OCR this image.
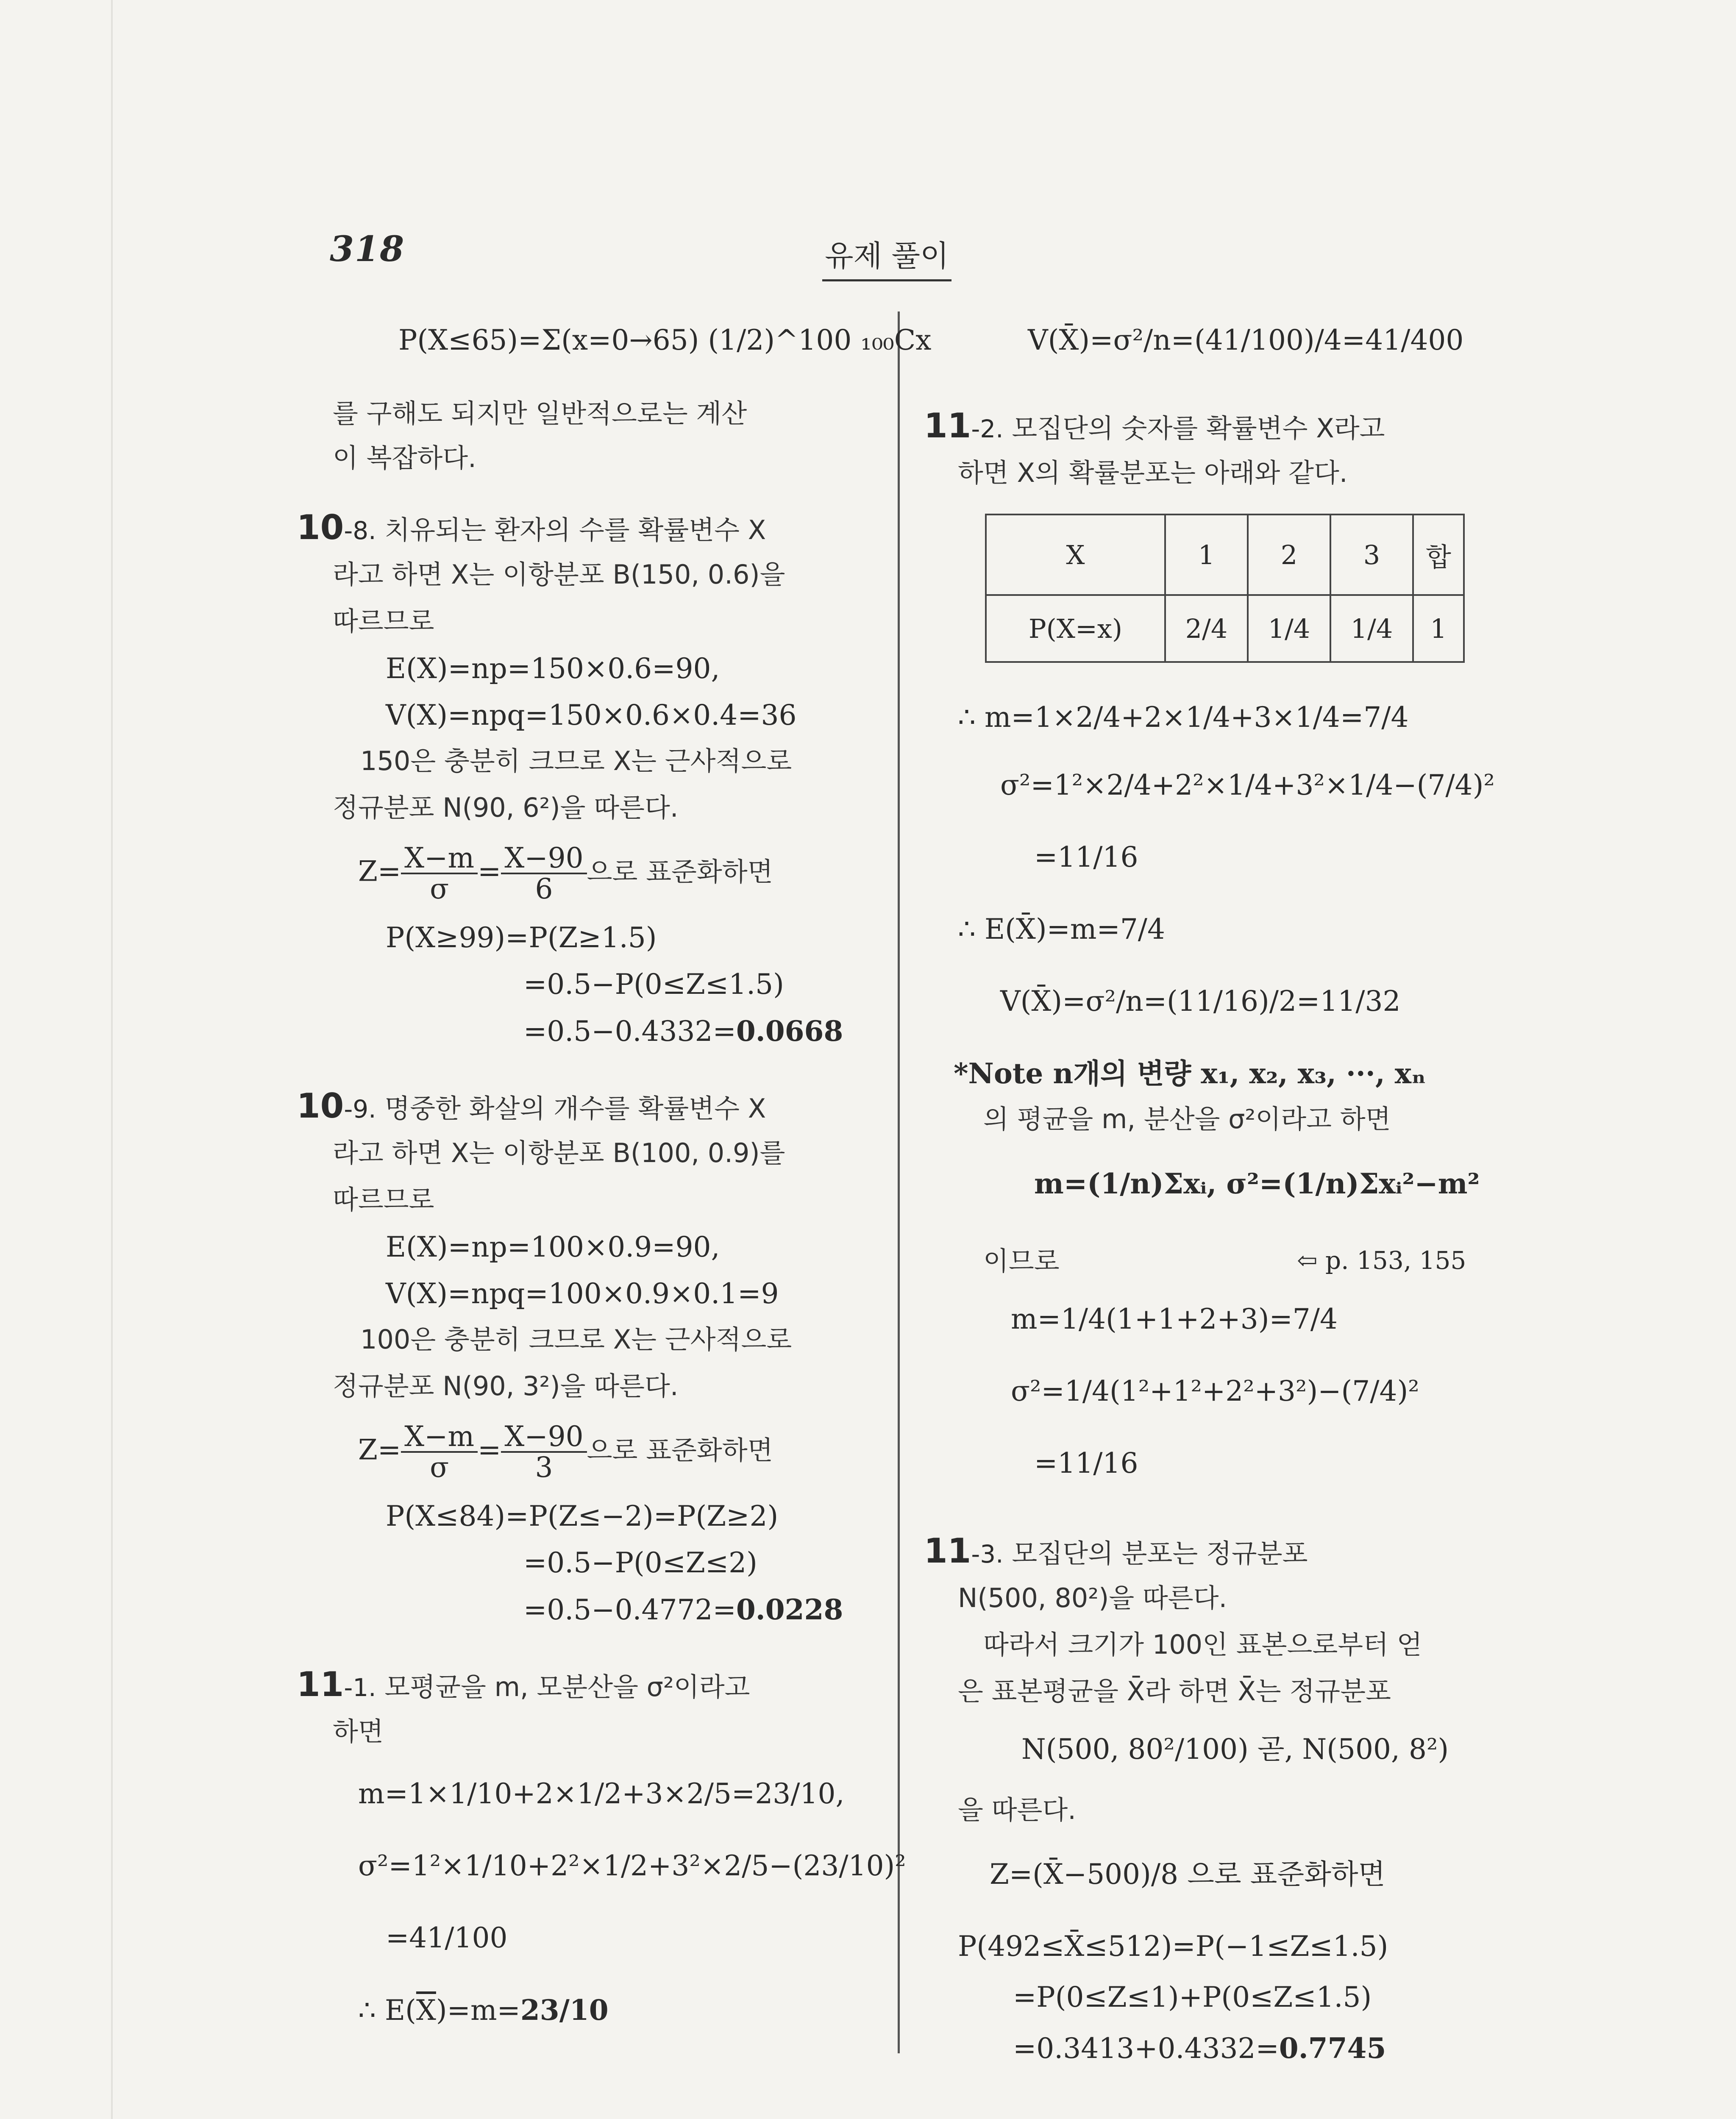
318	유제 풀이
P(X≤65)=Σ(x=0→65) (1/2)^100 ₁₀₀Cx
를 구해도 되지만 일반적으로는 계산
이 복잡하다.
10-8. 치유되는 환자의 수를 확률변수 X
라고 하면 X는 이항분포 B(150, 0.6)을
따르므로
E(X)=np=150×0.6=90,
V(X)=npq=150×0.6×0.4=36
150은 충분히 크므로 X는 근사적으로
정규분포 N(90, 6²)을 따른다.
$Z= \frac{X-m}{\sigma} = \frac{X-90}{6}$ 으로 표준화하면
P(X≥99)=P(Z≥1.5)
=0.5−P(0≤Z≤1.5)
=0.5−0.4332=0.0668
10-9. 명중한 화살의 개수를 확률변수 X
라고 하면 X는 이항분포 B(100, 0.9)를
따르므로
E(X)=np=100×0.9=90,
V(X)=npq=100×0.9×0.1=9
100은 충분히 크므로 X는 근사적으로
정규분포 N(90, 3²)을 따른다.
$Z= \frac{X-m}{\sigma} = \frac{X-90}{3}$ 으로 표준화하면
P(X≤84)=P(Z≤−2)=P(Z≥2)
=0.5−P(0≤Z≤2)
=0.5−0.4772=0.0228
11-1. 모평균을 m, 모분산을 σ²이라고
하면
m=1×1/10+2×1/2+3×2/5=23/10,
σ²=1²×1/10+2²×1/2+3²×2/5−(23/10)²
=41/100
∴ $E(\overline{X})=m=23/10$
V(X̄)=σ²/n=(41/100)/4=41/400
11-2. 모집단의 숫자를 확률변수 X라고
하면 X의 확률분포는 아래와 같다.
X	1	2	3	합
P(X=x)	2/4	1/4	1/4	1
∴ m=1×2/4+2×1/4+3×1/4=7/4
σ²=1²×2/4+2²×1/4+3²×1/4−(7/4)²
=11/16
∴ E(X̄)=m=7/4
V(X̄)=σ²/n=(11/16)/2=11/32
*Note n개의 변량 x₁, x₂, x₃, ···, xₙ
의 평균을 m, 분산을 σ²이라고 하면
m=(1/n)Σxᵢ, σ²=(1/n)Σxᵢ²−m²
이므로	⇦ p. 153, 155
m=1/4(1+1+2+3)=7/4
σ²=1/4(1²+1²+2²+3²)−(7/4)²
=11/16
11-3. 모집단의 분포는 정규분포
N(500, 80²)을 따른다.
따라서 크기가 100인 표본으로부터 얻
은 표본평균을 X̄라 하면 X̄는 정규분포
N(500, 80²/100) 곧, N(500, 8²)
을 따른다.
Z=(X̄−500)/8 으로 표준화하면
P(492≤X̄≤512)=P(−1≤Z≤1.5)
=P(0≤Z≤1)+P(0≤Z≤1.5)
=0.3413+0.4332=0.7745
